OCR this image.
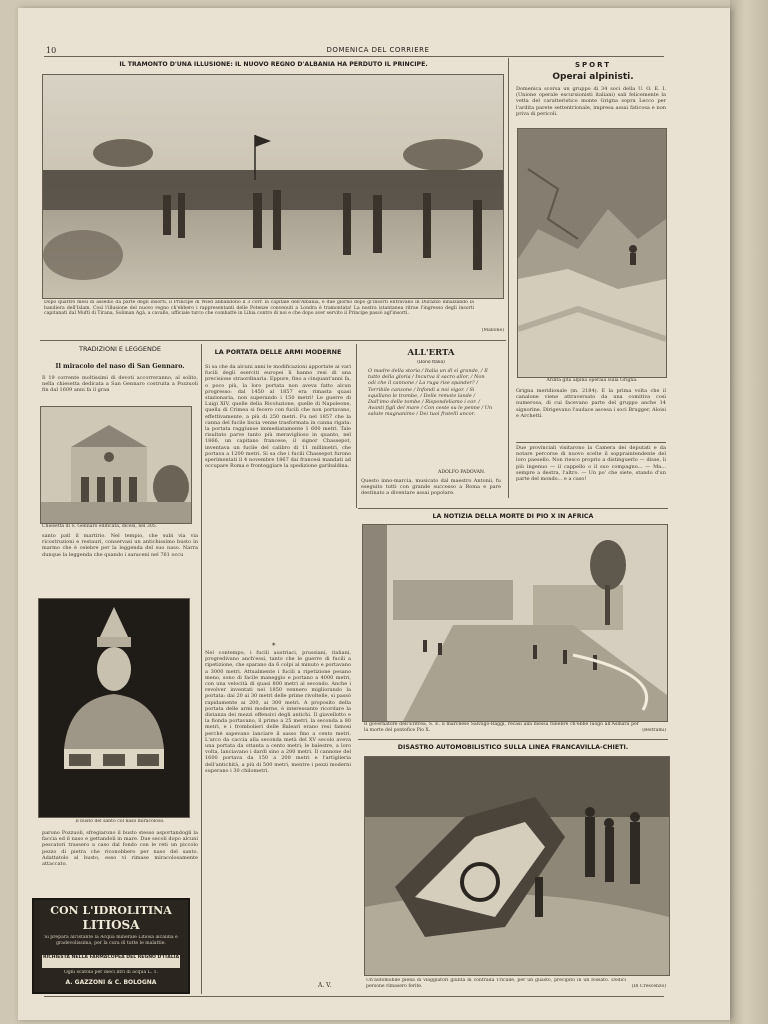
10	DOMENICA DEL CORRIERE
IL TRAMONTO D'UNA ILLUSIONE: IL NUOVO REGNO D'ALBANIA HA PERDUTO IL PRINCIPE.
Dopo quattro mesi di assedio da parte degli insorti, il Principe di Wied abbandonò il 3 corr. la capitale dell'Albania, e due giorno dopo gl'insorti entravano in Durazzo innalzando la bandiera dell'Islam. Così l'illusione del nuovo regno ch'ebbero i rappresentanti delle Potenze convenuti a Londra è tramontata! La nostra istantanea ritrae l'ingresso degli insorti capitanati dal Muftì di Tirana, Soliman Agà, a cavallo, ufficiale turco che combattè in Libia contro di noi e che dopo aver servito il Principe passò agl'insorti.
(Mallone)
SPORT
Operai alpinisti.
Domenica scorsa un gruppo di 34 soci della U. O. E. I. (Unione operale escursionisti italiani) sali felicemente la vetta del caratteristico monte Grigna sopra Lecco per l'ardita parete settentrionale, impresa assai faticosa e non priva di pericoli.
Ardita gita alpina operaia sulla Grigna.
Grigna meridionale (m. 2184). E la prima volta che il canalone viene attraversato da una comitiva così numerosa, di cui facevano parte del gruppo anche 14 signorine. Dirigevano l'audace ascesa i soci Brugger, Aloisi e Archetti.
Due provinciali visitarono la Camera dei deputati e da notare percorse di nuovo scelte il soppraintendente del loro paesello. Non riesco proprio a distinguerlo — disse, li più ingenuo — il cappello o il suo compagno... — Ma... sempre a destra, l'altro. — Un po' che siete, stando d'un parte del mondo... e a caso!
TRADIZIONI E LEGGENDE
Il miracolo del naso di San Gennaro.
Il 19 corrente moltissimi di devoti accorreranno, al solito, nella chiesetta dedicata a San Gennaro costruita a Pozzuoli fin dal 1609 anni fa il gran
Chiesetta di S. Gennaro edificata, dicesi, nel 305.
santo patì il martirio. Nel tempio, che subì via via ricostruzioni e restauri, conservasi un antichissimo busto in marmo che è celebre per la leggenda del suo naso. Narra dunque la leggenda che quando i saraceni nel 761 occu
Il busto del santo col naso miracoloso.
parono Pozzuoli, sfregiarono il busto stesso asportandogli la faccia ed il naso e gettandoli in mare. Due secoli dopo alcuni pescatori trassero a caso dal fondo con le reti un piccolo pezzo di pietra che riconobbero per naso del santo. Adattatolo al busto, esso vi rimase miracolosamente attaccato.
CON L'IDROLITINA
LITIOSA
Si prepara all'istante la Acqua minerale Litiosa alcalina e gradevolissima, per la cura di tutte le malattie.
RICHIESTA NELLA FARMACOPEA DEL REGNO D'ITALIA
Ogni scatola per dieci litri di acqua L. 1.
A. GAZZONI & C. BOLOGNA
LA PORTATA DELLE ARMI MODERNE
Si sa che da alcuni anni le modificazioni apportate ai vari fucili degli eserciti europei li hanno resi di una precisione straordinaria. Eppure, fino a cinquant'anni fa, o poco più, la loro portata non aveva fatto alcun progresso: dal 1450 al 1857 era rimasta quasi stazionaria, non superando i 150 metri! Le guerre di Luigi XIV, quelle della Rivoluzione, quelle di Napoleone, quella di Crimea si fecero con fucili che non portavano, effettivamente, a più di 250 metri. Fu nel 1857 che la canna del fucile liscia venne trasformata in canna rigata: la portata raggiunse immediatamente 1 600 metri. Tale risultato parve tanto più meraviglioso in quanto, nel 1866, un capitano francese, il signor Chassepot, inventava un fucile del calibro di 11 millimetri, che portava a 1200 metri. Si sa che i fucili Chassepot furono sperimentati il 4 novembre 1867 dai francesi mandati ad occupare Roma e fronteggiare la spedizione garibaldina.
*
Nel contempo, i fucili austriaci, prussiani, italiani, progredivano anch'essi, tanto che le guerre di fucili a ripetizione, che sparano da 6 colpi al minuto e portavano a 3000 metri. Attualmente i fucili a ripetizione pesano meno, sono di facile maneggio e portano a 4000 metri, con una velocità di quasi 800 metri al secondo. Anche i revolver inventati nel 1850 vennero migliorando la portata: dai 20 ai 30 metri delle prime rivoltelle, si passò rapidamente ai 200, ai 300 metri. A proposito della portata delle armi moderne, è interessante ricordare la distanza dei mezzi offensivi degli antichi. Il giavellotto e la fionda portavano, il primo a 25 metri, la seconda a 80 metri, e i frombolieri delle Baleari erano resi famosi perchè sapevano lanciare il sasso fino a cento metri. L'arco da caccia alla seconda metà del XV secolo aveva una portata da ottanta a cento metri; le balestre, a loro volta, lanciavano i dardi sino a 200 metri. Il cannone del 1600 portava da 150 a 200 metri e l'artiglieria dell'antichità, a più di 500 metri, mentre i pezzi moderni superano i 30 chilometri.
A. V.
ALL'ERTA
(Dono Italia)
O madre della storia / Italia un dì si grande, / Il tutto della gloria / Incurva il sacro allor, / Non odi che il cannone / La ruga rise spander? / Terribile canzone / Infondi a noi vigor. / Si squillano le trombe, / Delle remote lande / Dall'imo delle tombe / Rispondeliamo i cor. / Avanti figli del mare / Con ceste su le penne / Un salute magnanimo / Dei tuoi fratelli ancor.
ADOLFO PADOVAN.
Questo inno-marcia, musicato dal maestro Antonii, fu eseguito tutti con grande successo a Roma e pare destinato a diventare assai popolare.
LA NOTIZIA DELLA MORTE DI PIO X IN AFRICA
Il governatore dell'Eritrea, S. E. il marchese Salvago-Raggi, recasi alla messa funebre ch'ebbe luogo all'Asmara per la morte del pontefice Pio X.	(Beltrami)
DISASTRO AUTOMOBILISTICO SULLA LINEA FRANCAVILLA-CHIETI.
Un'automobile piena di viaggiatori giunta in contrada Tricalle, per un guasto, precipitò in un fossato. Dodici persone rimasero ferite.	(Di Crescenzo)
